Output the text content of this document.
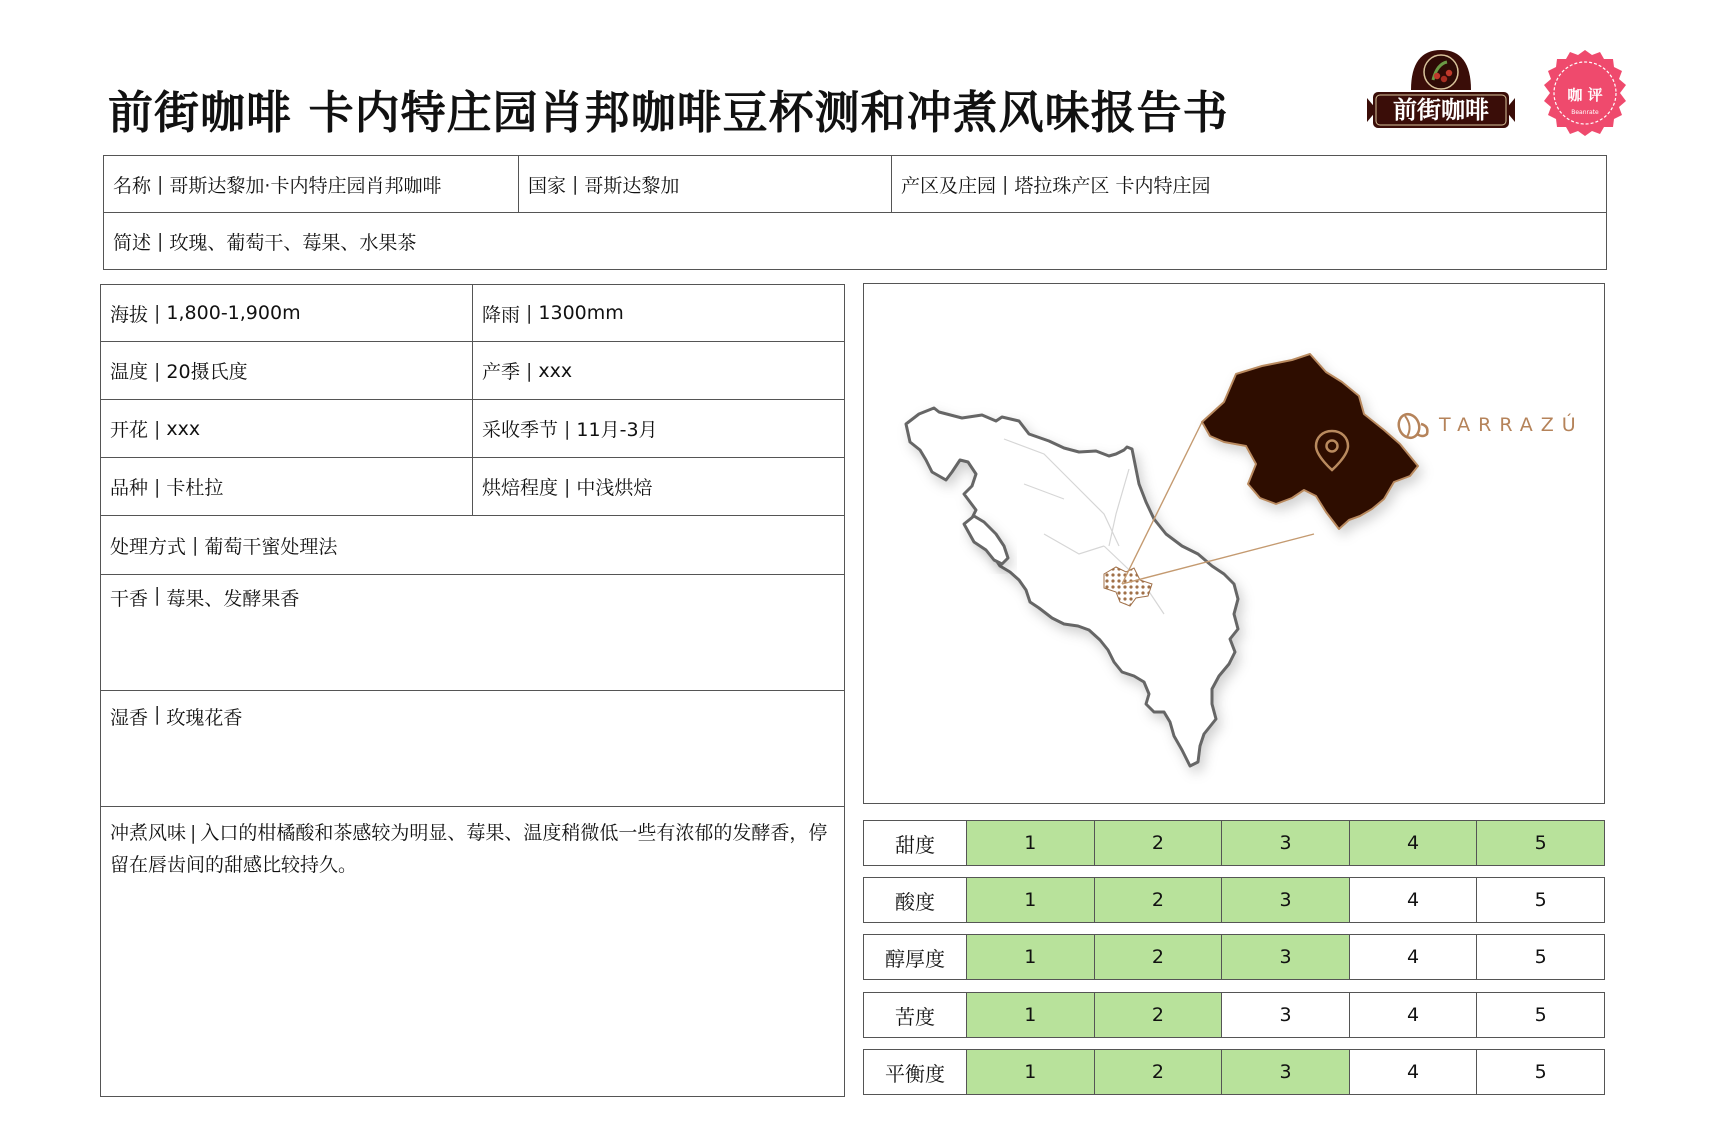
前街咖啡 卡内特庄园肖邦咖啡豆杯测和冲煮风味报告书	前街咖啡
咖 评
Beanrate
名称 | 哥斯达黎加·卡内特庄园肖邦咖啡	国家 | 哥斯达黎加	产区及庄园 | 塔拉珠产区 卡内特庄园
简述 | 玫瑰、葡萄干、莓果、水果茶
海拔 | 1,800-1,900m	降雨 | 1300mm
温度 | 20摄氏度	产季 | xxx
开花 | xxx	采收季节 | 11月-3月
品种 | 卡杜拉	烘焙程度 | 中浅烘焙
处理方式 | 葡萄干蜜处理法
干香 | 莓果、发酵果香
湿香 | 玫瑰花香
冲煮风味 | 入口的柑橘酸和茶感较为明显、莓果、温度稍微低一些有浓郁的发酵香，停留在唇齿间的甜感比较持久。
TARRAZÚ
甜度	1	2	3	4	5
酸度	1	2	3	4	5
醇厚度	1	2	3	4	5
苦度	1	2	3	4	5
平衡度	1	2	3	4	5
